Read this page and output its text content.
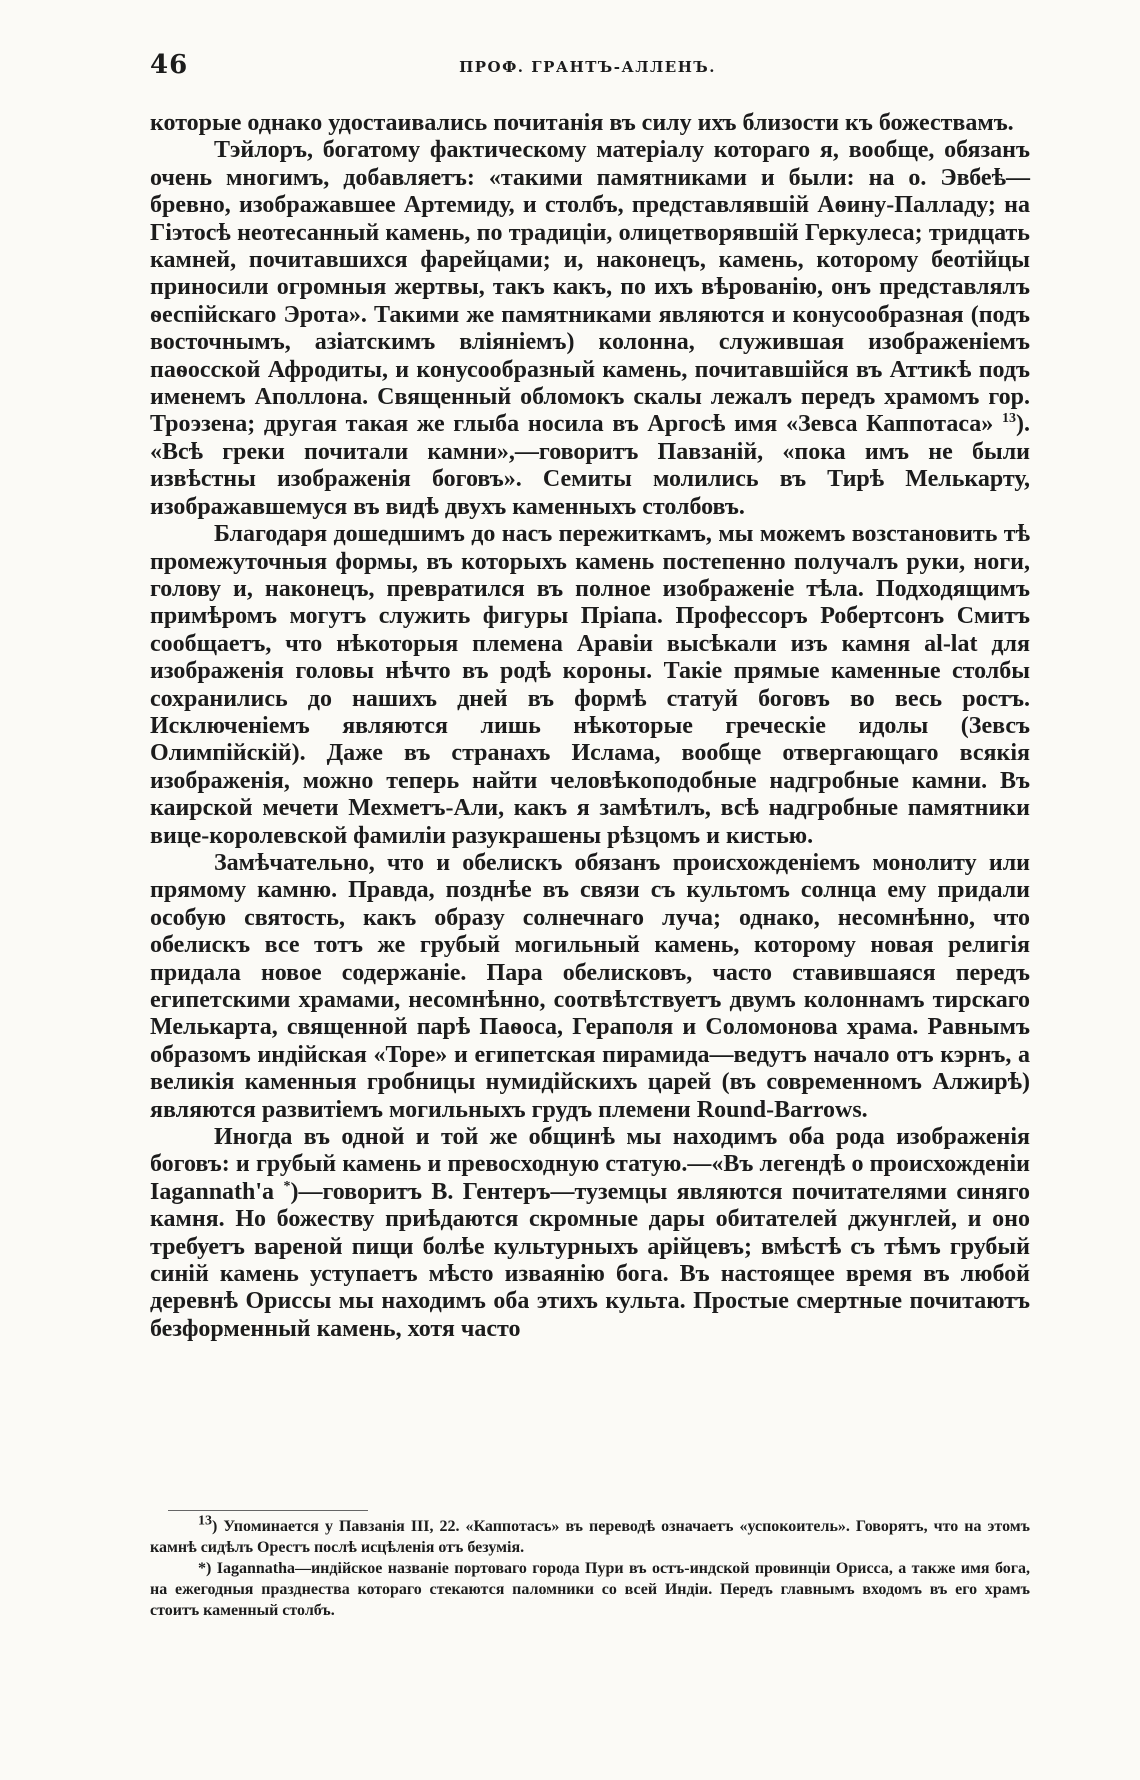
46	ПРОФ. ГРАНТЪ-АЛЛЕНЪ.

которые однако удостаивались почитанія въ силу ихъ близости къ божествамъ.

Тэйлоръ, богатому фактическому матеріалу котораго я, вообще, обязанъ очень многимъ, добавляетъ: «такими памятниками и были: на о. Эвбеѣ— бревно, изображавшее Артемиду, и столбъ, представлявшій Аѳину-Палладу; на Гіэтосѣ неотесанный камень, по традиціи, олицетворявшій Геркулеса; тридцать камней, почитавшихся фарейцами; и, наконецъ, камень, которому беотійцы приносили огромныя жертвы, такъ какъ, по ихъ вѣрованію, онъ представлялъ ѳеспійскаго Эрота». Такими же памятниками являются и конусообразная (подъ восточнымъ, азіатскимъ вліяніемъ) колонна, служившая изображеніемъ паѳосской Афродиты, и конусообразный камень, почитавшійся въ Аттикѣ подъ именемъ Аполлона. Священный обломокъ скалы лежалъ передъ храмомъ гор. Троэзена; другая такая же глыба носила въ Аргосѣ имя «Зевса Каппотаса» $^{13}$). «Всѣ греки почитали камни»,—говоритъ Павзаній, «пока имъ не были извѣстны изображенія боговъ». Семиты молились въ Тирѣ Мелькарту, изображавшемуся въ видѣ двухъ каменныхъ столбовъ.

Благодаря дошедшимъ до насъ пережиткамъ, мы можемъ возстановить тѣ промежуточныя формы, въ которыхъ камень постепенно получалъ руки, ноги, голову и, наконецъ, превратился въ полное изображеніе тѣла. Подходящимъ примѣромъ могутъ служить фигуры Пріапа. Профессоръ Робертсонъ Смитъ сообщаетъ, что нѣкоторыя племена Аравіи высѣкали изъ камня al-lat для изображенія головы нѣчто въ родѣ короны. Такіе прямые каменные столбы сохранились до нашихъ дней въ формѣ статуй боговъ во весь ростъ. Исключеніемъ являются лишь нѣкоторые греческіе идолы (Зевсъ Олимпійскій). Даже въ странахъ Ислама, вообще отвергающаго всякія изображенія, можно теперь найти человѣкоподобные надгробные камни. Въ каирской мечети Мехметъ-Али, какъ я замѣтилъ, всѣ надгробные памятники вице-королевской фамиліи разукрашены рѣзцомъ и кистью.

Замѣчательно, что и обелискъ обязанъ происхожденіемъ монолиту или прямому камню. Правда, позднѣе въ связи съ культомъ солнца ему придали особую святость, какъ образу солнечнаго луча; однако, несомнѣнно, что обелискъ все тотъ же грубый могильный камень, которому новая религія придала новое содержаніе. Пара обелисковъ, часто ставившаяся передъ египетскими храмами, несомнѣнно, соотвѣтствуетъ двумъ колоннамъ тирскаго Мелькарта, священной парѣ Паѳоса, Гераполя и Соломонова храма. Равнымъ образомъ индійская «Tope» и египетская пирамида—ведутъ начало отъ кэрнъ, а великія каменныя гробницы нумидійскихъ царей (въ современномъ Алжирѣ) являются развитіемъ могильныхъ грудъ племени Round-Barrows.

Иногда въ одной и той же общинѣ мы находимъ оба рода изображенія боговъ: и грубый камень и превосходную статую.—«Въ легендѣ о происхожденіи Iagannath'a *)—говоритъ В. Гентеръ—туземцы являются почитателями синяго камня. Но божеству приѣдаются скромные дары обитателей джунглей, и оно требуетъ вареной пищи болѣе культурныхъ арійцевъ; вмѣстѣ съ тѣмъ грубый синій камень уступаетъ мѣсто изваянію бога. Въ настоящее время въ любой деревнѣ Ориссы мы находимъ оба этихъ культа. Простые смертные почитаютъ безформенный камень, хотя часто

$^{13}$) Упоминается у Павзанія III, 22. «Каппотасъ» въ переводѣ означаетъ «успокоитель». Говорятъ, что на этомъ камнѣ сидѣлъ Орестъ послѣ исцѣленія отъ безумія.

*) Iagannatha—индійское названіе портоваго города Пури въ остъ-индской провинціи Орисса, а также имя бога, на ежегодныя празднества котораго стекаются паломники со всей Индіи. Передъ главнымъ входомъ въ его храмъ стоитъ каменный столбъ.
